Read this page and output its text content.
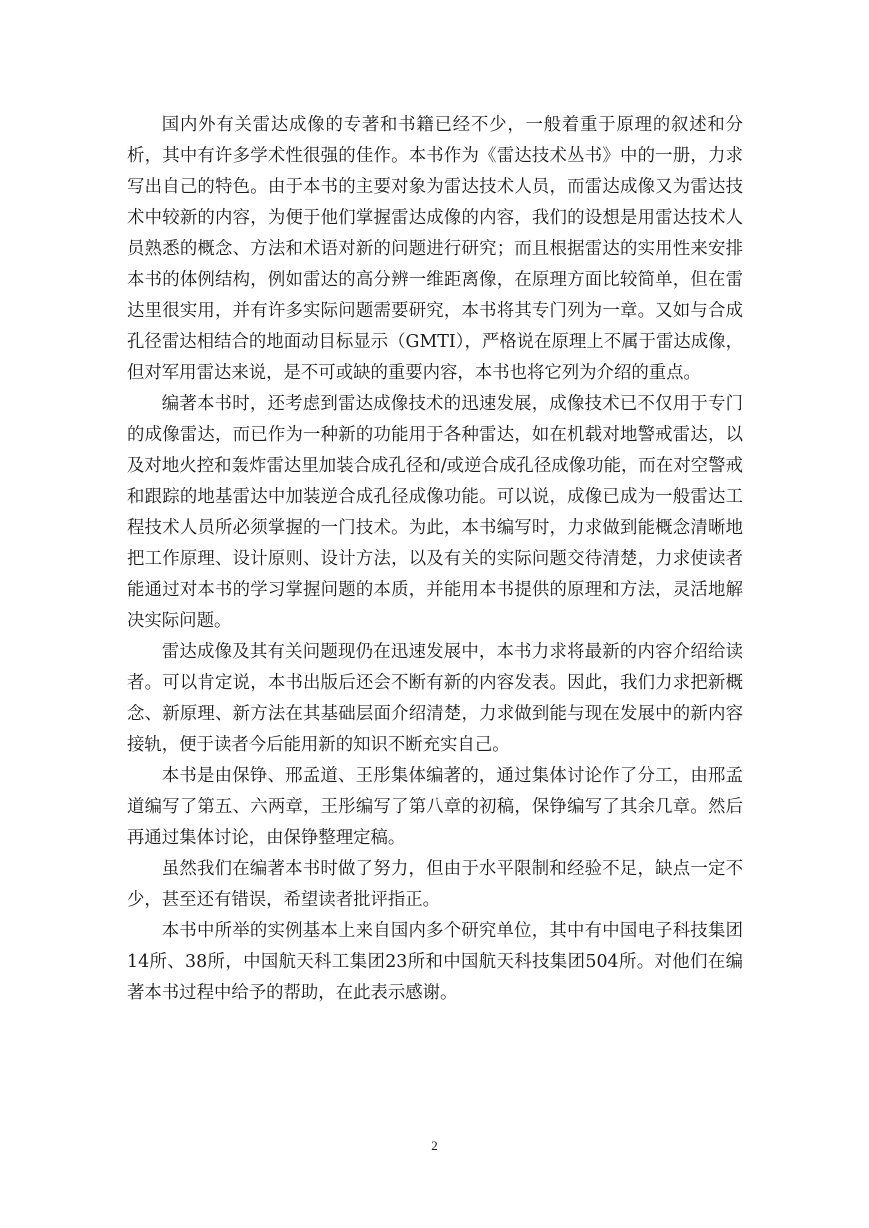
国内外有关雷达成像的专著和书籍已经不少，一般着重于原理的叙述和分析，其中有许多学术性很强的佳作。本书作为《雷达技术丛书》中的一册，力求写出自己的特色。由于本书的主要对象为雷达技术人员，而雷达成像又为雷达技术中较新的内容，为便于他们掌握雷达成像的内容，我们的设想是用雷达技术人员熟悉的概念、方法和术语对新的问题进行研究；而且根据雷达的实用性来安排本书的体例结构，例如雷达的高分辨一维距离像，在原理方面比较简单，但在雷达里很实用，并有许多实际问题需要研究，本书将其专门列为一章。又如与合成孔径雷达相结合的地面动目标显示（GMTI），严格说在原理上不属于雷达成像，但对军用雷达来说，是不可或缺的重要内容，本书也将它列为介绍的重点。

编著本书时，还考虑到雷达成像技术的迅速发展，成像技术已不仅用于专门的成像雷达，而已作为一种新的功能用于各种雷达，如在机载对地警戒雷达，以及对地火控和轰炸雷达里加装合成孔径和/或逆合成孔径成像功能，而在对空警戒和跟踪的地基雷达中加装逆合成孔径成像功能。可以说，成像已成为一般雷达工程技术人员所必须掌握的一门技术。为此，本书编写时，力求做到能概念清晰地把工作原理、设计原则、设计方法，以及有关的实际问题交待清楚，力求使读者能通过对本书的学习掌握问题的本质，并能用本书提供的原理和方法，灵活地解决实际问题。

雷达成像及其有关问题现仍在迅速发展中，本书力求将最新的内容介绍给读者。可以肯定说，本书出版后还会不断有新的内容发表。因此，我们力求把新概念、新原理、新方法在其基础层面介绍清楚，力求做到能与现在发展中的新内容接轨，便于读者今后能用新的知识不断充实自己。

本书是由保铮、邢孟道、王彤集体编著的，通过集体讨论作了分工，由邢孟道编写了第五、六两章，王彤编写了第八章的初稿，保铮编写了其余几章。然后再通过集体讨论，由保铮整理定稿。

虽然我们在编著本书时做了努力，但由于水平限制和经验不足，缺点一定不少，甚至还有错误，希望读者批评指正。

本书中所举的实例基本上来自国内多个研究单位，其中有中国电子科技集团14所、38所，中国航天科工集团23所和中国航天科技集团504所。对他们在编著本书过程中给予的帮助，在此表示感谢。

2
